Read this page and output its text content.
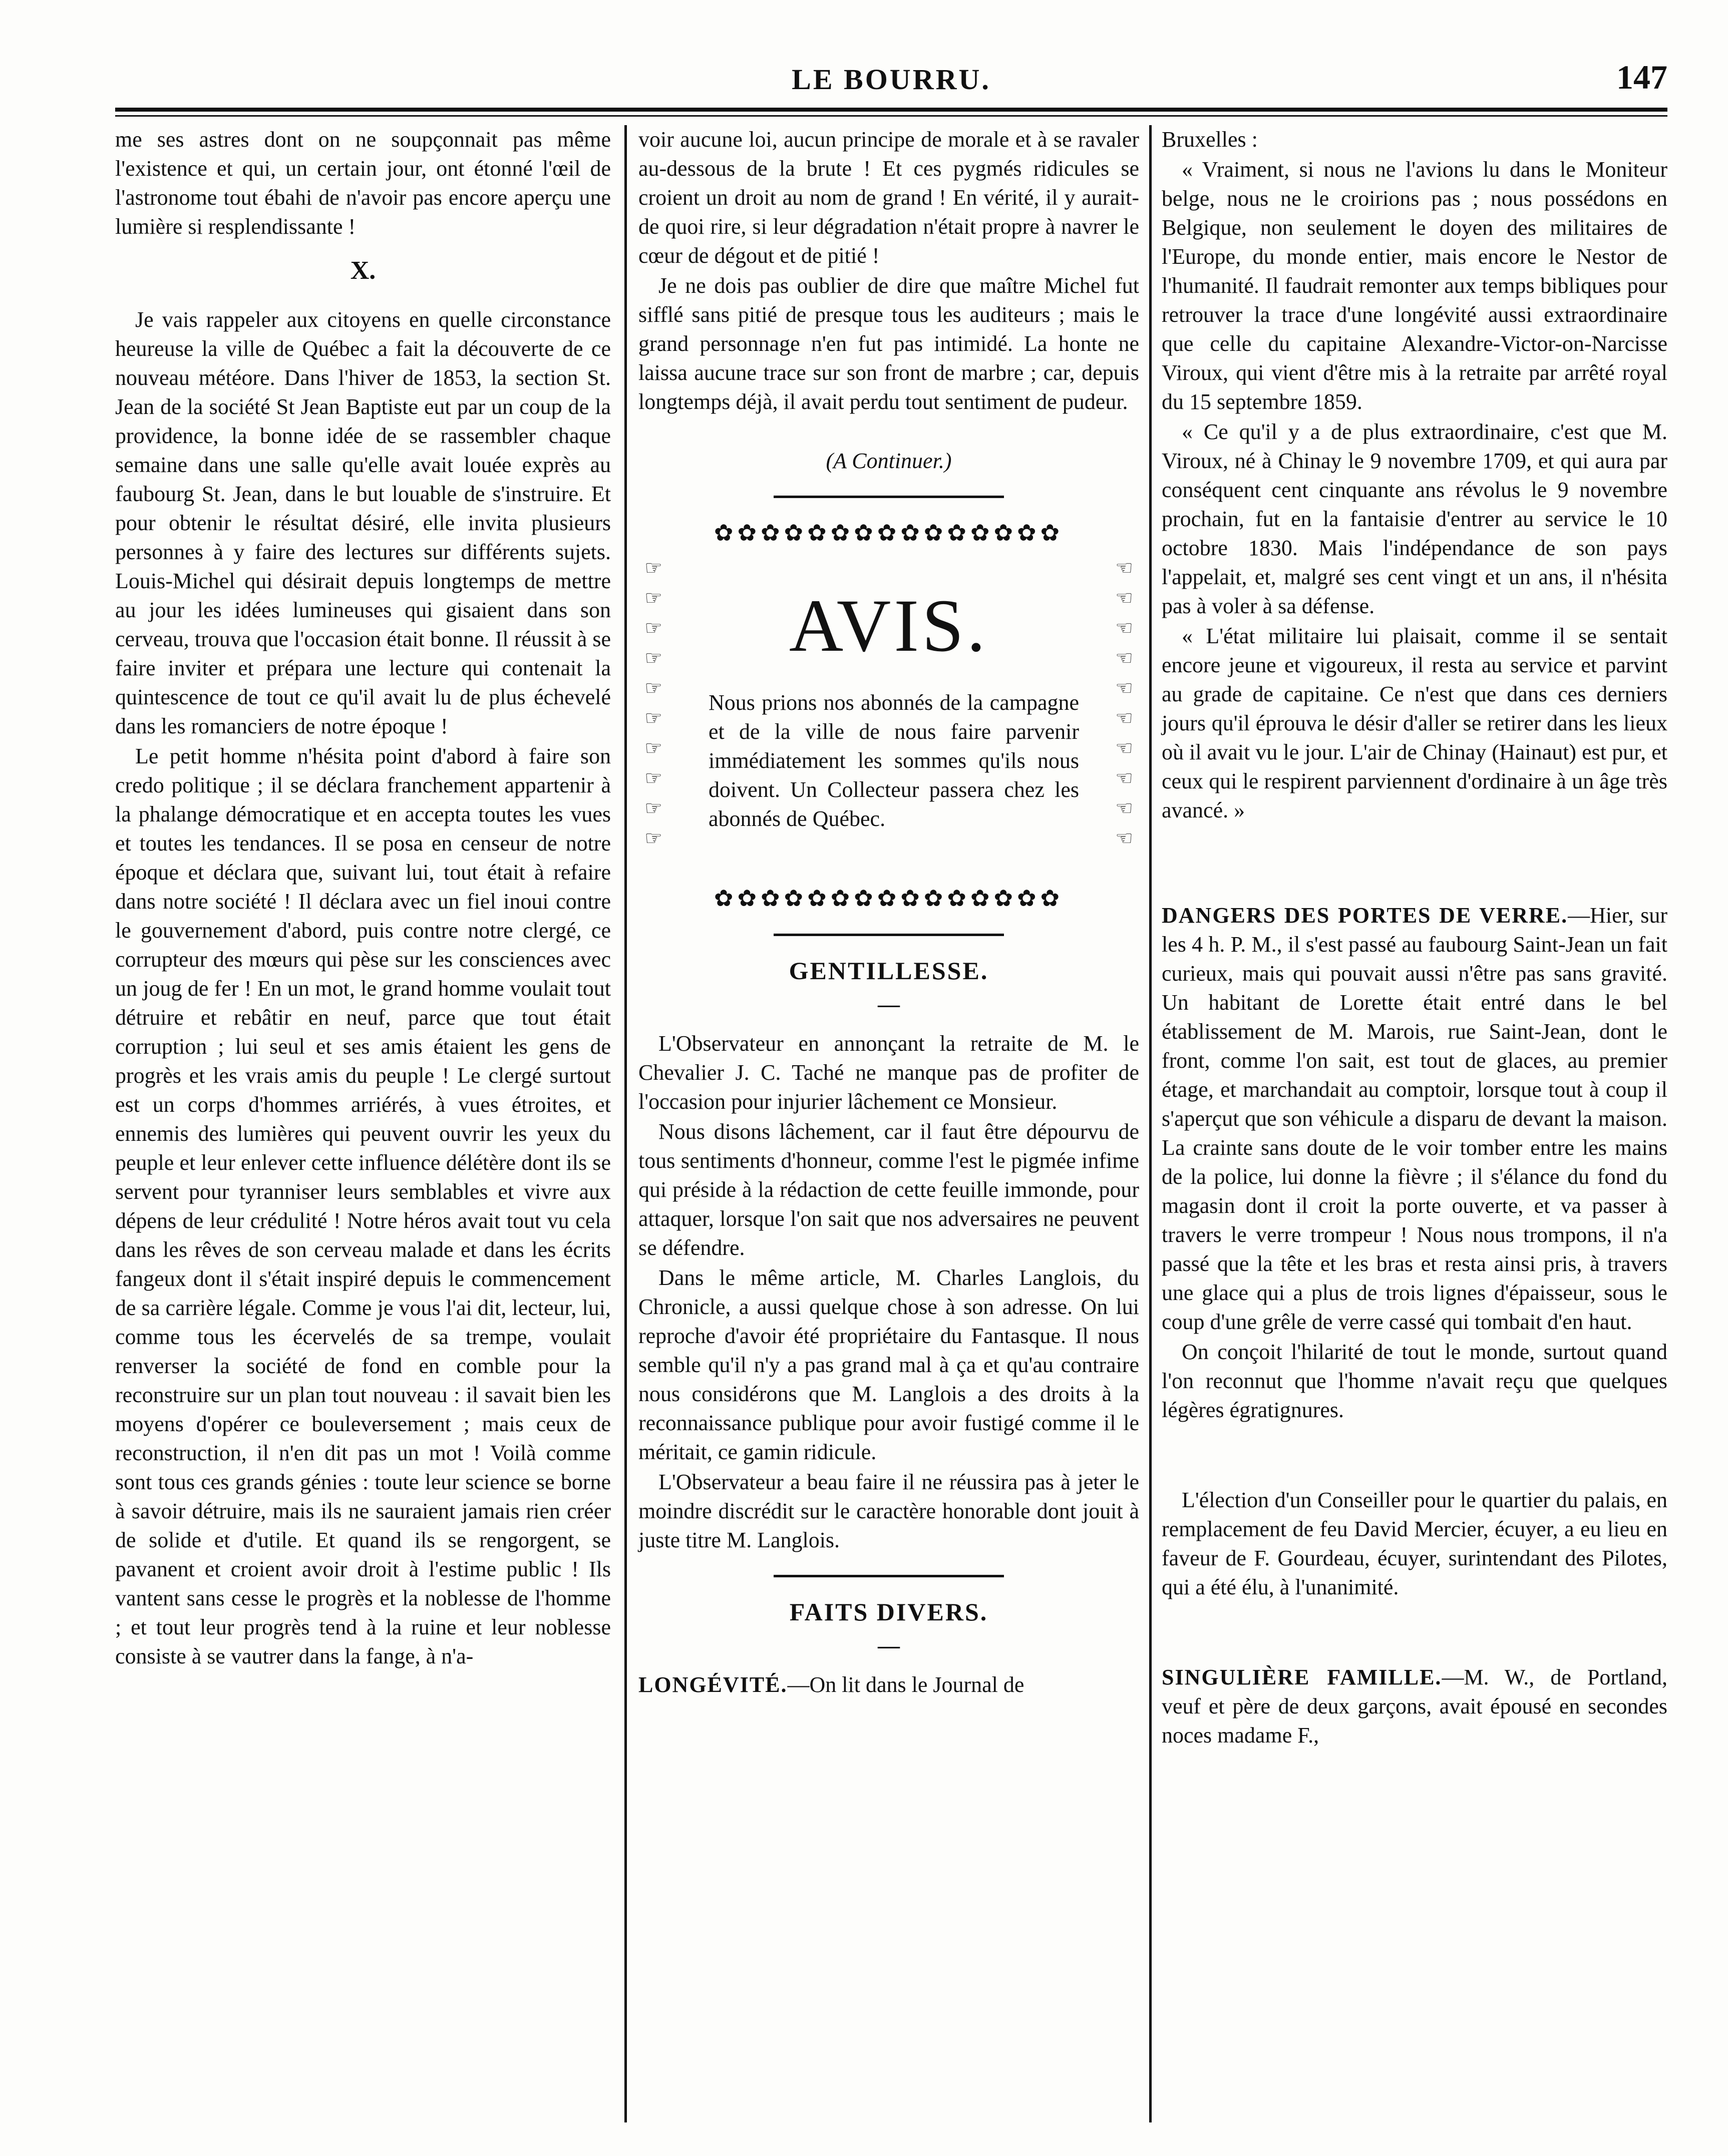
LE BOURRU.	147

me ses astres dont on ne soupçonnait pas même l'existence et qui, un certain jour, ont étonné l'œil de l'astronome tout ébahi de n'avoir pas encore aperçu une lumière si resplendissante !

X.

Je vais rappeler aux citoyens en quelle circonstance heureuse la ville de Québec a fait la découverte de ce nouveau météore. Dans l'hiver de 1853, la section St. Jean de la société St Jean Baptiste eut par un coup de la providence, la bonne idée de se rassembler chaque semaine dans une salle qu'elle avait louée exprès au faubourg St. Jean, dans le but louable de s'instruire. Et pour obtenir le résultat désiré, elle invita plusieurs personnes à y faire des lectures sur différents sujets. Louis-Michel qui désirait depuis longtemps de mettre au jour les idées lumineuses qui gisaient dans son cerveau, trouva que l'occasion était bonne. Il réussit à se faire inviter et prépara une lecture qui contenait la quintescence de tout ce qu'il avait lu de plus échevelé dans les romanciers de notre époque !

Le petit homme n'hésita point d'abord à faire son credo politique ; il se déclara franchement appartenir à la phalange démocratique et en accepta toutes les vues et toutes les tendances. Il se posa en censeur de notre époque et déclara que, suivant lui, tout était à refaire dans notre société ! Il déclara avec un fiel inoui contre le gouvernement d'abord, puis contre notre clergé, ce corrupteur des mœurs qui pèse sur les consciences avec un joug de fer ! En un mot, le grand homme voulait tout détruire et rebâtir en neuf, parce que tout était corruption ; lui seul et ses amis étaient les gens de progrès et les vrais amis du peuple ! Le clergé surtout est un corps d'hommes arriérés, à vues étroites, et ennemis des lumières qui peuvent ouvrir les yeux du peuple et leur enlever cette influence délétère dont ils se servent pour tyranniser leurs semblables et vivre aux dépens de leur crédulité ! Notre héros avait tout vu cela dans les rêves de son cerveau malade et dans les écrits fangeux dont il s'était inspiré depuis le commencement de sa carrière légale. Comme je vous l'ai dit, lecteur, lui, comme tous les écervelés de sa trempe, voulait renverser la société de fond en comble pour la reconstruire sur un plan tout nouveau : il savait bien les moyens d'opérer ce bouleversement ; mais ceux de reconstruction, il n'en dit pas un mot ! Voilà comme sont tous ces grands génies : toute leur science se borne à savoir détruire, mais ils ne sauraient jamais rien créer de solide et d'utile. Et quand ils se rengorgent, se pavanent et croient avoir droit à l'estime public ! Ils vantent sans cesse le progrès et la noblesse de l'homme ; et tout leur progrès tend à la ruine et leur noblesse consiste à se vautrer dans la fange, à n'a-

voir aucune loi, aucun principe de morale et à se ravaler au-dessous de la brute ! Et ces pygmés ridicules se croient un droit au nom de grand ! En vérité, il y aurait-de quoi rire, si leur dégradation n'était propre à navrer le cœur de dégout et de pitié !

Je ne dois pas oublier de dire que maître Michel fut sifflé sans pitié de presque tous les auditeurs ; mais le grand personnage n'en fut pas intimidé. La honte ne laissa aucune trace sur son front de marbre ; car, depuis longtemps déjà, il avait perdu tout sentiment de pudeur.

(A Continuer.)
✿✿✿✿✿✿✿✿✿✿✿✿✿✿✿
☞
☞
☞
☞
☞
☞
☞
☞
☞
☞
☜
☜
☜
☜
☜
☜
☜
☜
☜
☜
AVIS.
Nous prions nos abonnés de la campagne et de la ville de nous faire parvenir immédiatement les sommes qu'ils nous doivent. Un Collecteur passera chez les abonnés de Québec.
✿✿✿✿✿✿✿✿✿✿✿✿✿✿✿
GENTILLESSE.
—

L'Observateur en annonçant la retraite de M. le Chevalier J. C. Taché ne manque pas de profiter de l'occasion pour injurier lâchement ce Monsieur.

Nous disons lâchement, car il faut être dépourvu de tous sentiments d'honneur, comme l'est le pigmée infime qui préside à la rédaction de cette feuille immonde, pour attaquer, lorsque l'on sait que nos adversaires ne peuvent se défendre.

Dans le même article, M. Charles Langlois, du Chronicle, a aussi quelque chose à son adresse. On lui reproche d'avoir été propriétaire du Fantasque. Il nous semble qu'il n'y a pas grand mal à ça et qu'au contraire nous considérons que M. Langlois a des droits à la reconnaissance publique pour avoir fustigé comme il le méritait, ce gamin ridicule.

L'Observateur a beau faire il ne réussira pas à jeter le moindre discrédit sur le caractère honorable dont jouit à juste titre M. Langlois.

FAITS DIVERS.
—

LONGÉVITÉ.—On lit dans le Journal de

Bruxelles :

« Vraiment, si nous ne l'avions lu dans le Moniteur belge, nous ne le croirions pas ; nous possédons en Belgique, non seulement le doyen des militaires de l'Europe, du monde entier, mais encore le Nestor de l'humanité. Il faudrait remonter aux temps bibliques pour retrouver la trace d'une longévité aussi extraordinaire que celle du capitaine Alexandre-Victor-on-Narcisse Viroux, qui vient d'être mis à la retraite par arrêté royal du 15 septembre 1859.

« Ce qu'il y a de plus extraordinaire, c'est que M. Viroux, né à Chinay le 9 novembre 1709, et qui aura par conséquent cent cinquante ans révolus le 9 novembre prochain, fut en la fantaisie d'entrer au service le 10 octobre 1830. Mais l'indépendance de son pays l'appelait, et, malgré ses cent vingt et un ans, il n'hésita pas à voler à sa défense.

« L'état militaire lui plaisait, comme il se sentait encore jeune et vigoureux, il resta au service et parvint au grade de capitaine. Ce n'est que dans ces derniers jours qu'il éprouva le désir d'aller se retirer dans les lieux où il avait vu le jour. L'air de Chinay (Hainaut) est pur, et ceux qui le respirent parviennent d'ordinaire à un âge très avancé. »

DANGERS DES PORTES DE VERRE.—Hier, sur les 4 h. P. M., il s'est passé au faubourg Saint-Jean un fait curieux, mais qui pouvait aussi n'être pas sans gravité. Un habitant de Lorette était entré dans le bel établissement de M. Marois, rue Saint-Jean, dont le front, comme l'on sait, est tout de glaces, au premier étage, et marchandait au comptoir, lorsque tout à coup il s'aperçut que son véhicule a disparu de devant la maison. La crainte sans doute de le voir tomber entre les mains de la police, lui donne la fièvre ; il s'élance du fond du magasin dont il croit la porte ouverte, et va passer à travers le verre trompeur ! Nous nous trompons, il n'a passé que la tête et les bras et resta ainsi pris, à travers une glace qui a plus de trois lignes d'épaisseur, sous le coup d'une grêle de verre cassé qui tombait d'en haut.

On conçoit l'hilarité de tout le monde, surtout quand l'on reconnut que l'homme n'avait reçu que quelques légères égratignures.

L'élection d'un Conseiller pour le quartier du palais, en remplacement de feu David Mercier, écuyer, a eu lieu en faveur de F. Gourdeau, écuyer, surintendant des Pilotes, qui a été élu, à l'unanimité.

SINGULIÈRE FAMILLE.—M. W., de Portland, veuf et père de deux garçons, avait épousé en secondes noces madame F.,
